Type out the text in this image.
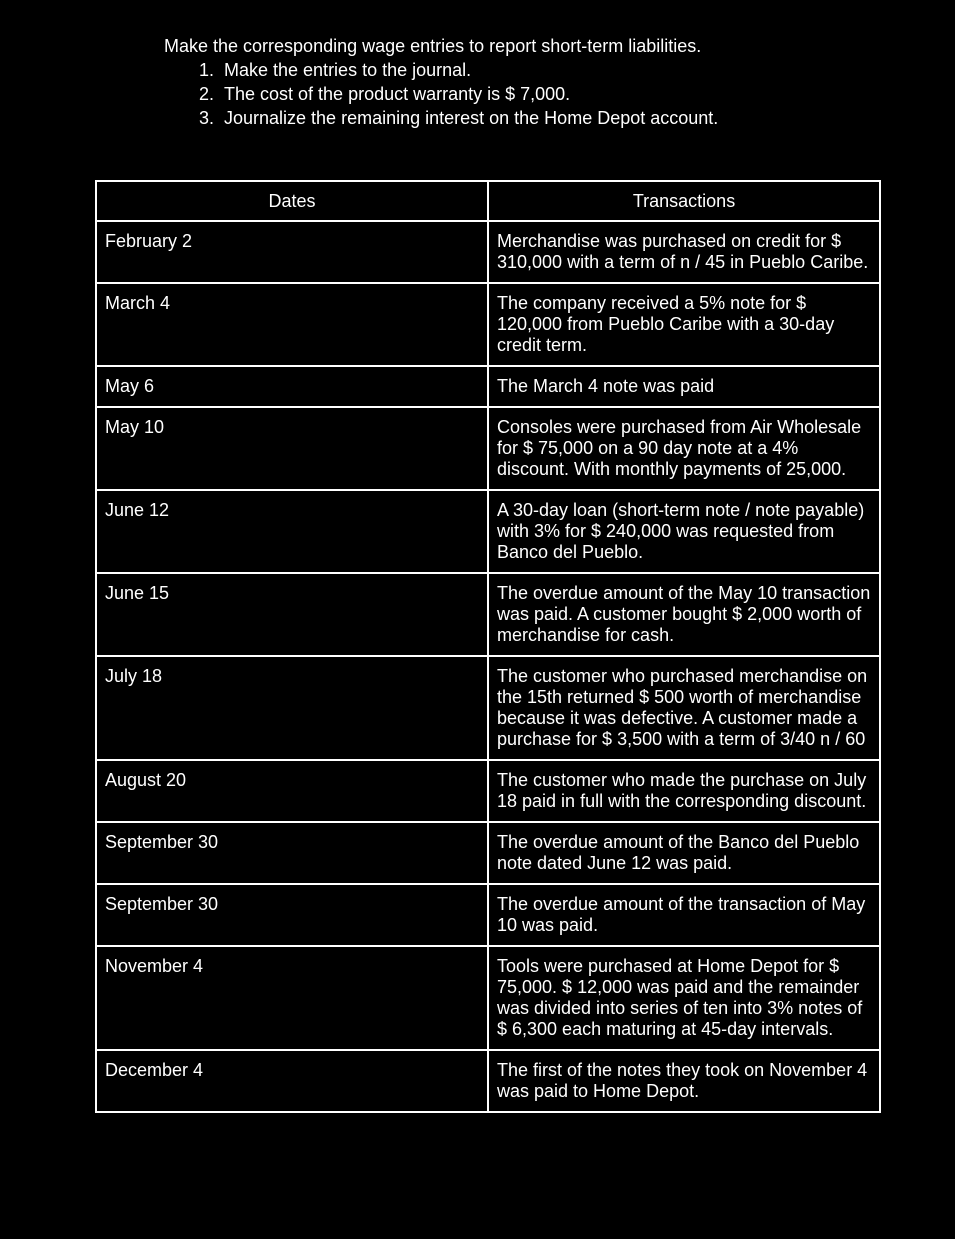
Make the corresponding wage entries to report short-term liabilities.
1. Make the entries to the journal.
2. The cost of the product warranty is $ 7,000.
3. Journalize the remaining interest on the Home Depot account.
Dates	Transactions
February 2	Merchandise was purchased on credit for $ 310,000 with a term of n / 45 in Pueblo Caribe.
March 4	The company received a 5% note for $ 120,000 from Pueblo Caribe with a 30-day credit term.
May 6	The March 4 note was paid
May 10	Consoles were purchased from Air Wholesale for $ 75,000 on a 90 day note at a 4% discount. With monthly payments of 25,000.
June 12	A 30-day loan (short-term note / note payable) with 3% for $ 240,000 was requested from Banco del Pueblo.
June 15	The overdue amount of the May 10 transaction was paid. A customer bought $ 2,000 worth of merchandise for cash.
July 18	The customer who purchased merchandise on the 15th returned $ 500 worth of merchandise because it was defective. A customer made a purchase for $ 3,500 with a term of 3/40 n / 60
August 20	The customer who made the purchase on July 18 paid in full with the corresponding discount.
September 30	The overdue amount of the Banco del Pueblo note dated June 12 was paid.
September 30	The overdue amount of the transaction of May 10 was paid.
November 4	Tools were purchased at Home Depot for $ 75,000. $ 12,000 was paid and the remainder was divided into series of ten into 3% notes of $ 6,300 each maturing at 45-day intervals.
December 4	The first of the notes they took on November 4 was paid to Home Depot.
